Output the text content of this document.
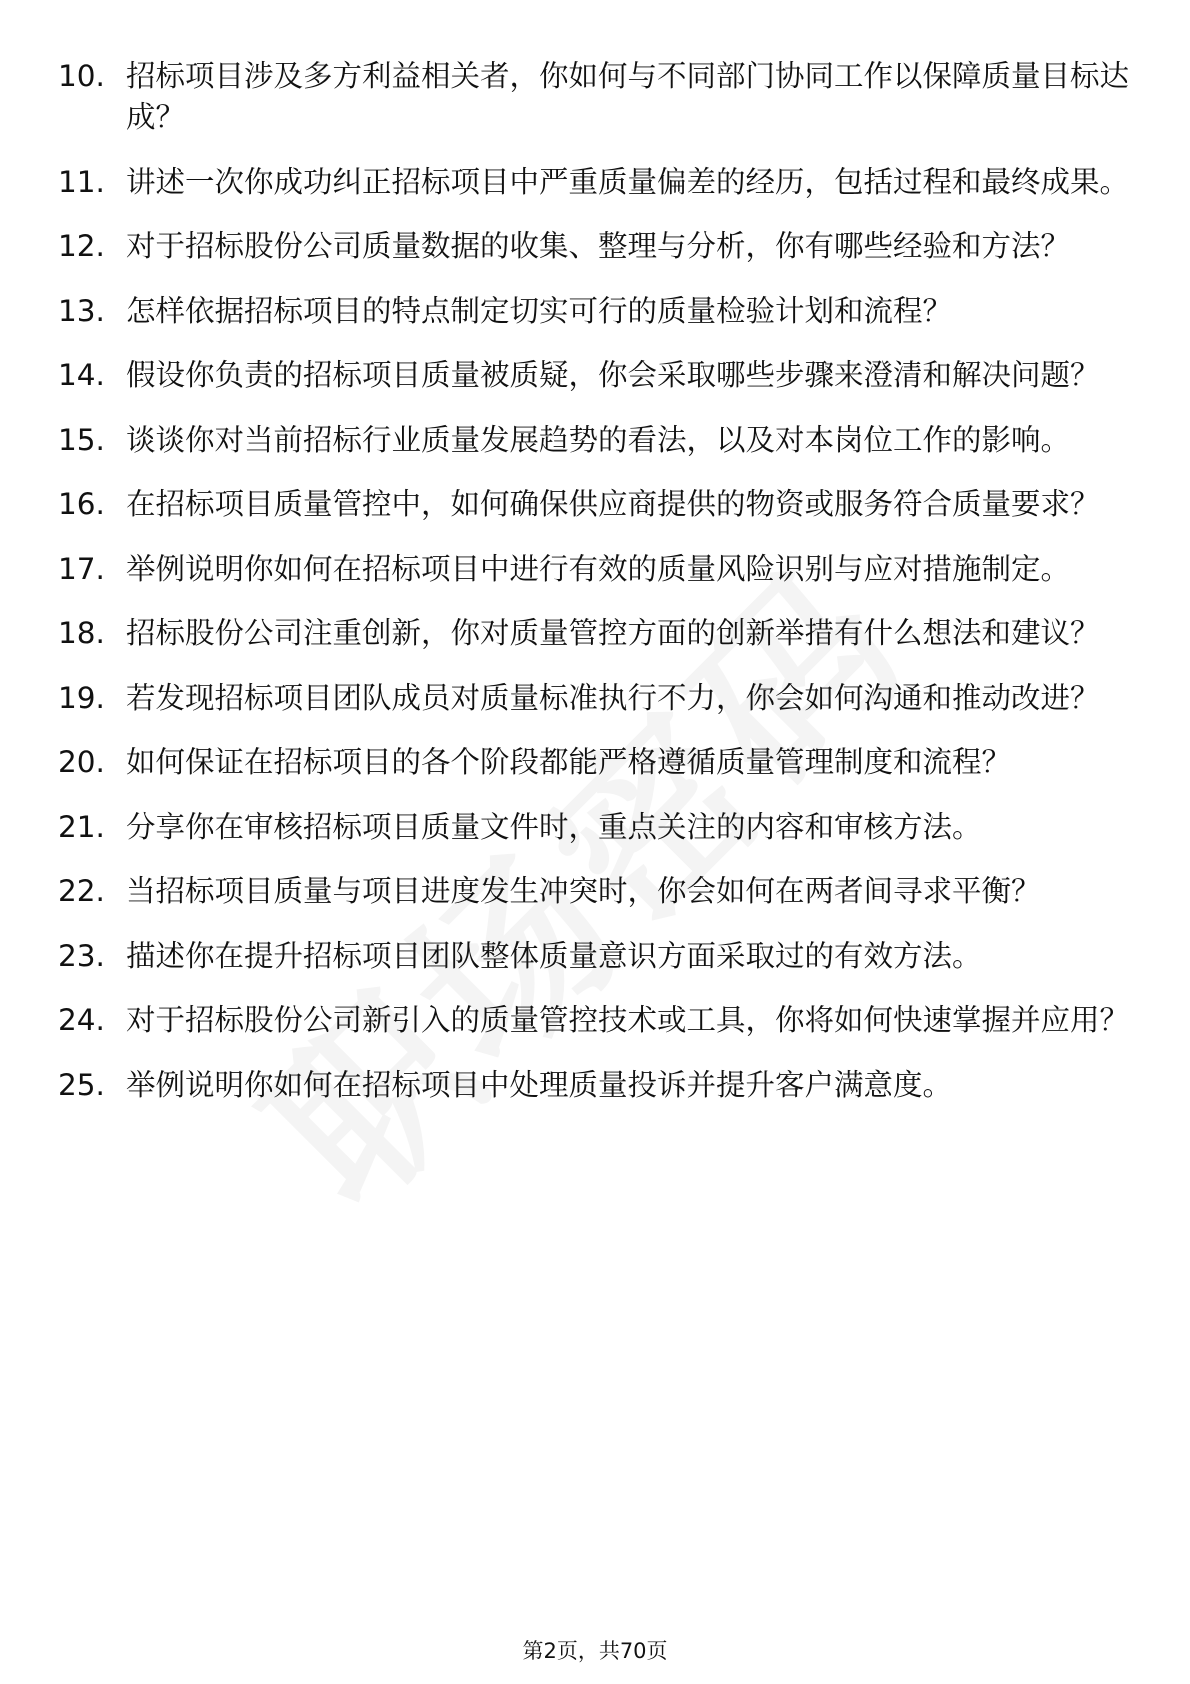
10. 招标项目涉及多方利益相关者，你如何与不同部门协同工作以保障质量目标达成？
11. 讲述一次你成功纠正招标项目中严重质量偏差的经历，包括过程和最终成果。
12. 对于招标股份公司质量数据的收集、整理与分析，你有哪些经验和方法？
13. 怎样依据招标项目的特点制定切实可行的质量检验计划和流程？
14. 假设你负责的招标项目质量被质疑，你会采取哪些步骤来澄清和解决问题？
15. 谈谈你对当前招标行业质量发展趋势的看法，以及对本岗位工作的影响。
16. 在招标项目质量管控中，如何确保供应商提供的物资或服务符合质量要求？
17. 举例说明你如何在招标项目中进行有效的质量风险识别与应对措施制定。
18. 招标股份公司注重创新，你对质量管控方面的创新举措有什么想法和建议？
19. 若发现招标项目团队成员对质量标准执行不力，你会如何沟通和推动改进？
20. 如何保证在招标项目的各个阶段都能严格遵循质量管理制度和流程？
21. 分享你在审核招标项目质量文件时，重点关注的内容和审核方法。
22. 当招标项目质量与项目进度发生冲突时，你会如何在两者间寻求平衡？
23. 描述你在提升招标项目团队整体质量意识方面采取过的有效方法。
24. 对于招标股份公司新引入的质量管控技术或工具，你将如何快速掌握并应用？
25. 举例说明你如何在招标项目中处理质量投诉并提升客户满意度。
第2页，共70页
